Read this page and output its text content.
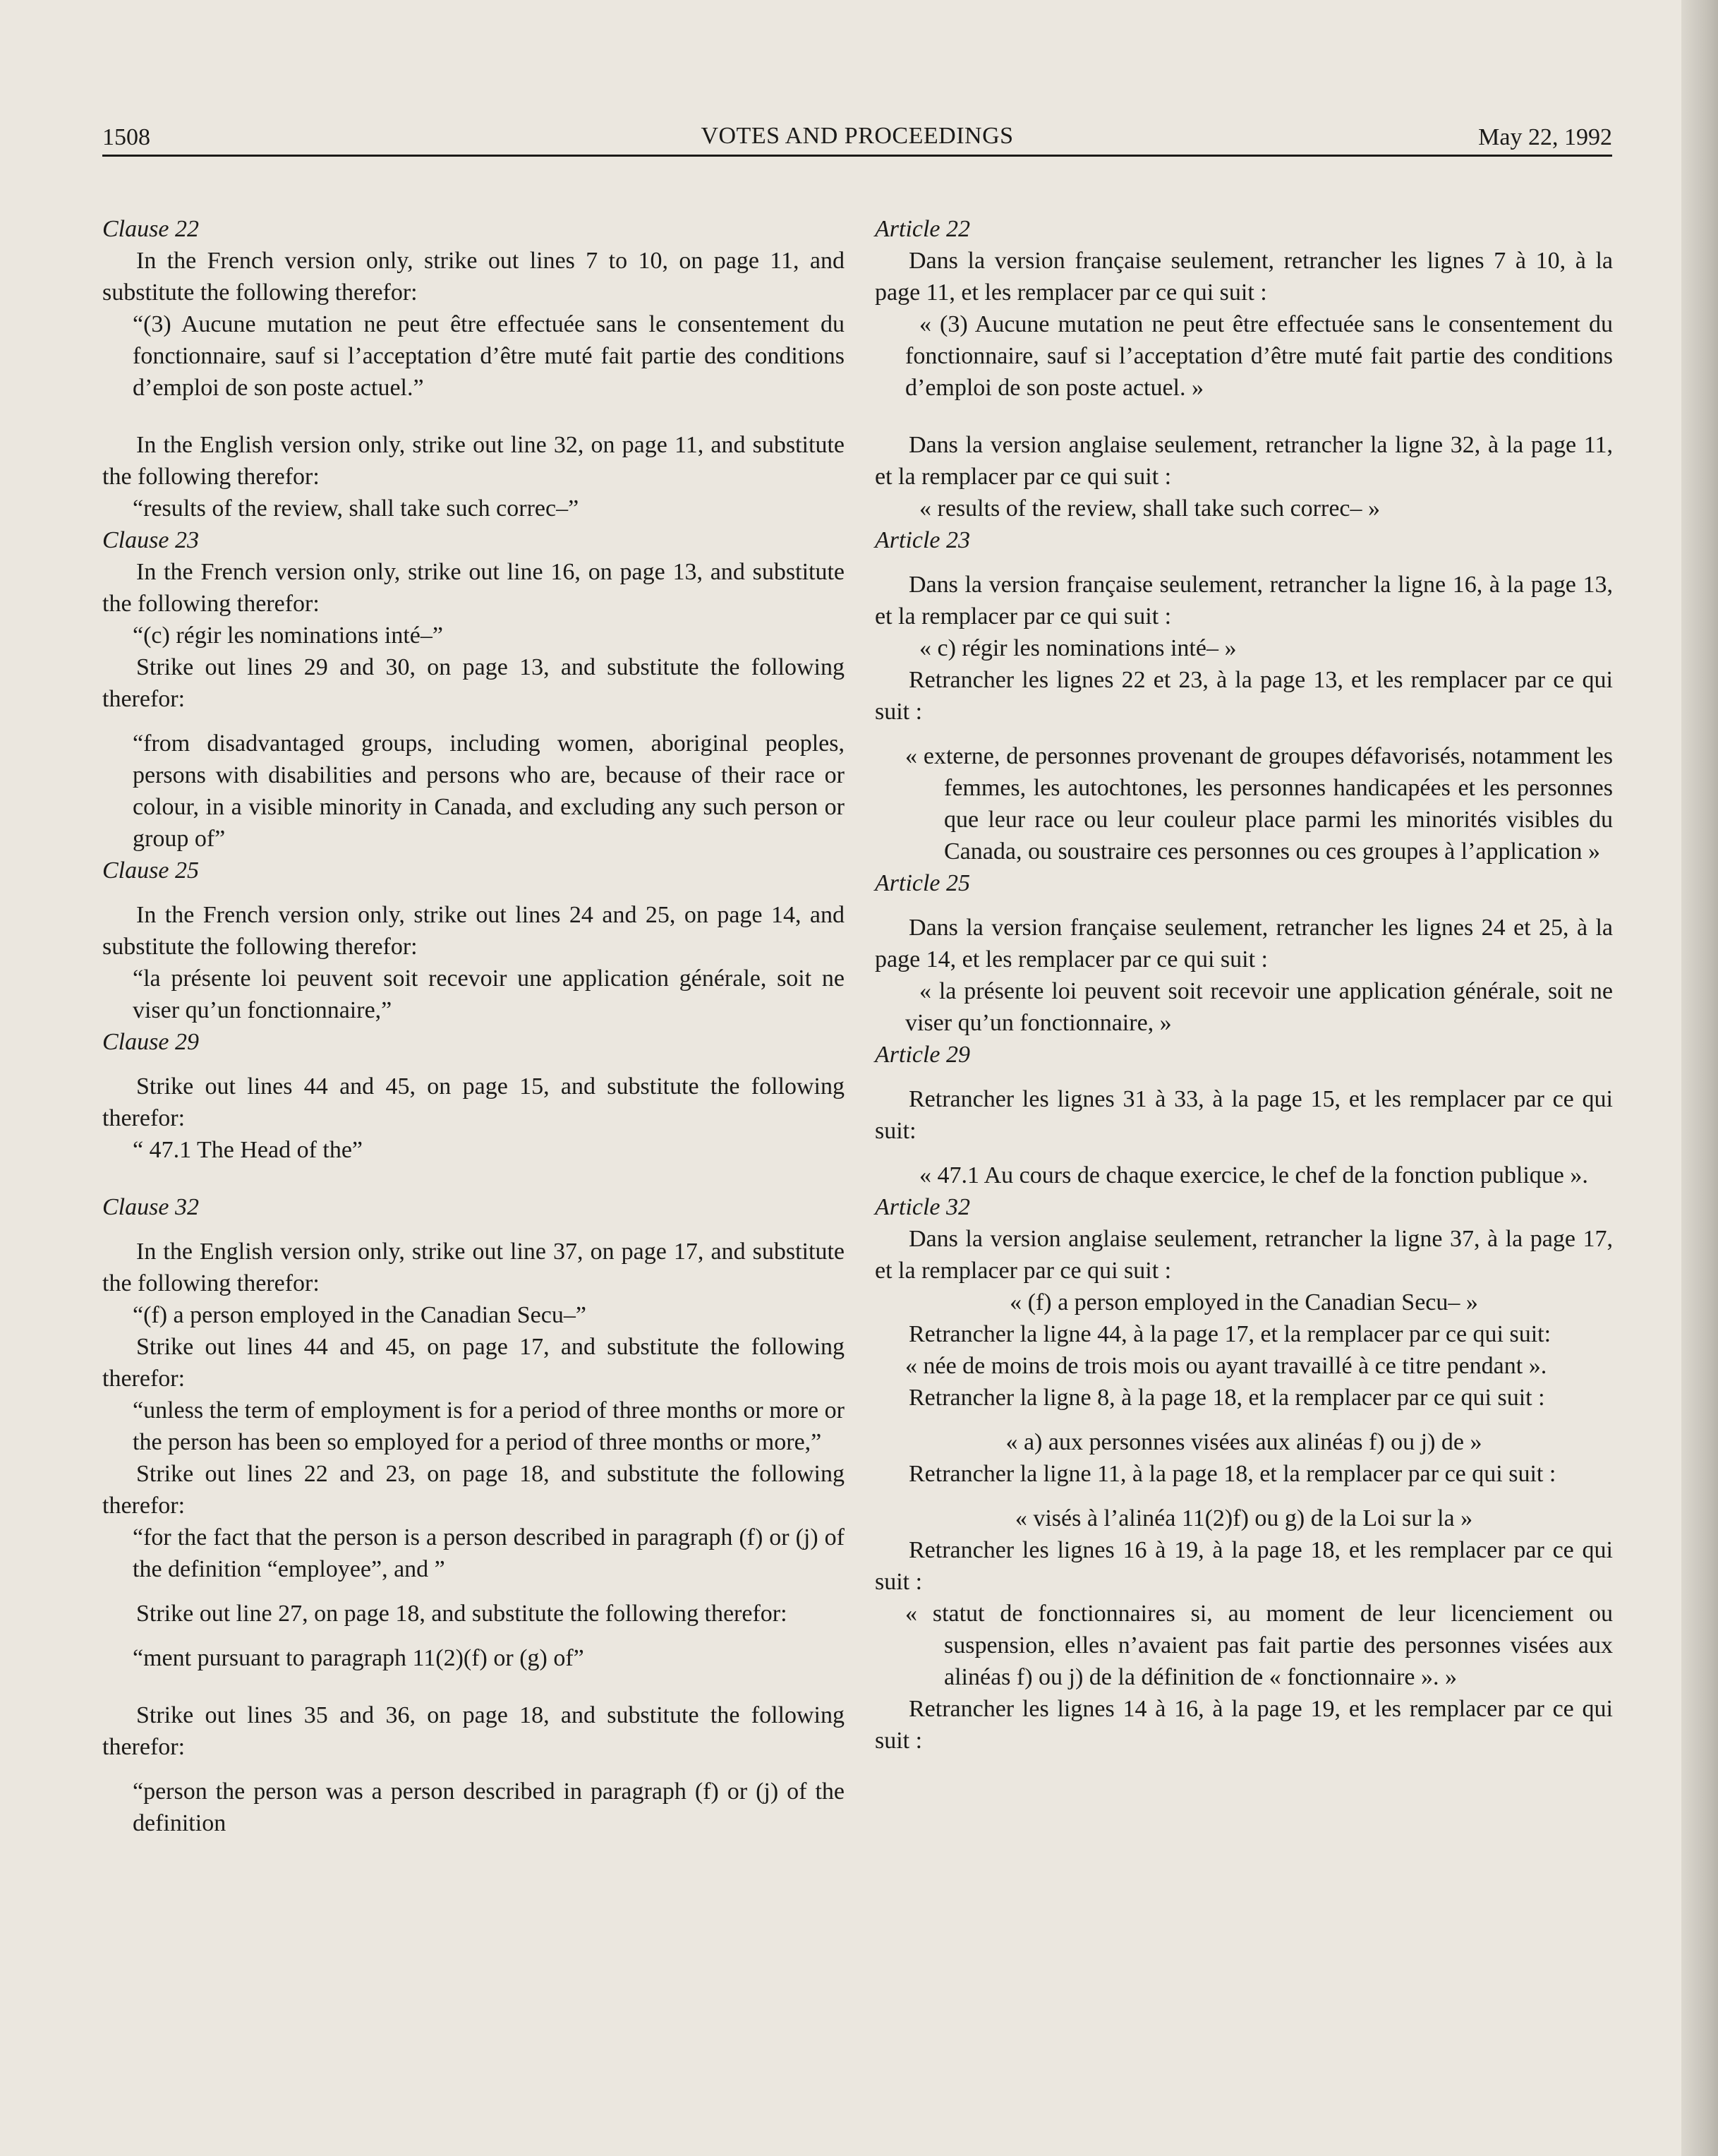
1508	VOTES AND PROCEEDINGS	May 22, 1992

Clause 22

In the French version only, strike out lines 7 to 10, on page 11, and substitute the following therefor:

“(3) Aucune mutation ne peut être effectuée sans le consentement du fonctionnaire, sauf si l’acceptation d’être muté fait partie des conditions d’emploi de son poste actuel.”

In the English version only, strike out line 32, on page 11, and substitute the following therefor:

“results of the review, shall take such correc–”

Clause 23

In the French version only, strike out line 16, on page 13, and substitute the following therefor:

“(c) régir les nominations inté–”

Strike out lines 29 and 30, on page 13, and substitute the following therefor:

“from disadvantaged groups, including women, aboriginal peoples, persons with disabilities and persons who are, because of their race or colour, in a visible minority in Canada, and excluding any such person or group of”

Clause 25

In the French version only, strike out lines 24 and 25, on page 14, and substitute the following therefor:

“la présente loi peuvent soit recevoir une application générale, soit ne viser qu’un fonctionnaire,”

Clause 29

Strike out lines 44 and 45, on page 15, and substitute the following therefor:

“ 47.1 The Head of the”

Clause 32

In the English version only, strike out line 37, on page 17, and substitute the following therefor:

“(f) a person employed in the Canadian Secu–”

Strike out lines 44 and 45, on page 17, and substitute the following therefor:

“unless the term of employment is for a period of three months or more or the person has been so employed for a period of three months or more,”

Strike out lines 22 and 23, on page 18, and substitute the following therefor:

“for the fact that the person is a person described in paragraph (f) or (j) of the definition “employee”, and ”

Strike out line 27, on page 18, and substitute the following therefor:

“ment pursuant to paragraph 11(2)(f) or (g) of”

Strike out lines 35 and 36, on page 18, and substitute the following therefor:

“person the person was a person described in paragraph (f) or (j) of the definition

Article 22

Dans la version française seulement, retrancher les lignes 7 à 10, à la page 11, et les remplacer par ce qui suit :

« (3) Aucune mutation ne peut être effectuée sans le consentement du fonctionnaire, sauf si l’acceptation d’être muté fait partie des conditions d’emploi de son poste actuel. »

Dans la version anglaise seulement, retrancher la ligne 32, à la page 11, et la remplacer par ce qui suit :

« results of the review, shall take such correc– »

Article 23

Dans la version française seulement, retrancher la ligne 16, à la page 13, et la remplacer par ce qui suit :

« c) régir les nominations inté– »

Retrancher les lignes 22 et 23, à la page 13, et les remplacer par ce qui suit :

« externe, de personnes provenant de groupes défavorisés, notamment les femmes, les autochtones, les personnes handicapées et les personnes que leur race ou leur couleur place parmi les minorités visibles du Canada, ou soustraire ces personnes ou ces groupes à l’application »

Article 25

Dans la version française seulement, retrancher les lignes 24 et 25, à la page 14, et les remplacer par ce qui suit :

« la présente loi peuvent soit recevoir une application générale, soit ne viser qu’un fonctionnaire, »

Article 29

Retrancher les lignes 31 à 33, à la page 15, et les remplacer par ce qui suit:

« 47.1 Au cours de chaque exercice, le chef de la fonction publique ».

Article 32

Dans la version anglaise seulement, retrancher la ligne 37, à la page 17, et la remplacer par ce qui suit :

« (f) a person employed in the Canadian Secu– »

Retrancher la ligne 44, à la page 17, et la remplacer par ce qui suit:

« née de moins de trois mois ou ayant travaillé à ce titre pendant ».

Retrancher la ligne 8, à la page 18, et la remplacer par ce qui suit :

« a) aux personnes visées aux alinéas f) ou j) de »

Retrancher la ligne 11, à la page 18, et la remplacer par ce qui suit :

« visés à l’alinéa 11(2)f) ou g) de la Loi sur la »

Retrancher les lignes 16 à 19, à la page 18, et les remplacer par ce qui suit :

« statut de fonctionnaires si, au moment de leur licenciement ou suspension, elles n’avaient pas fait partie des personnes visées aux alinéas f) ou j) de la définition de « fonctionnaire ». »

Retrancher les lignes 14 à 16, à la page 19, et les remplacer par ce qui suit :
